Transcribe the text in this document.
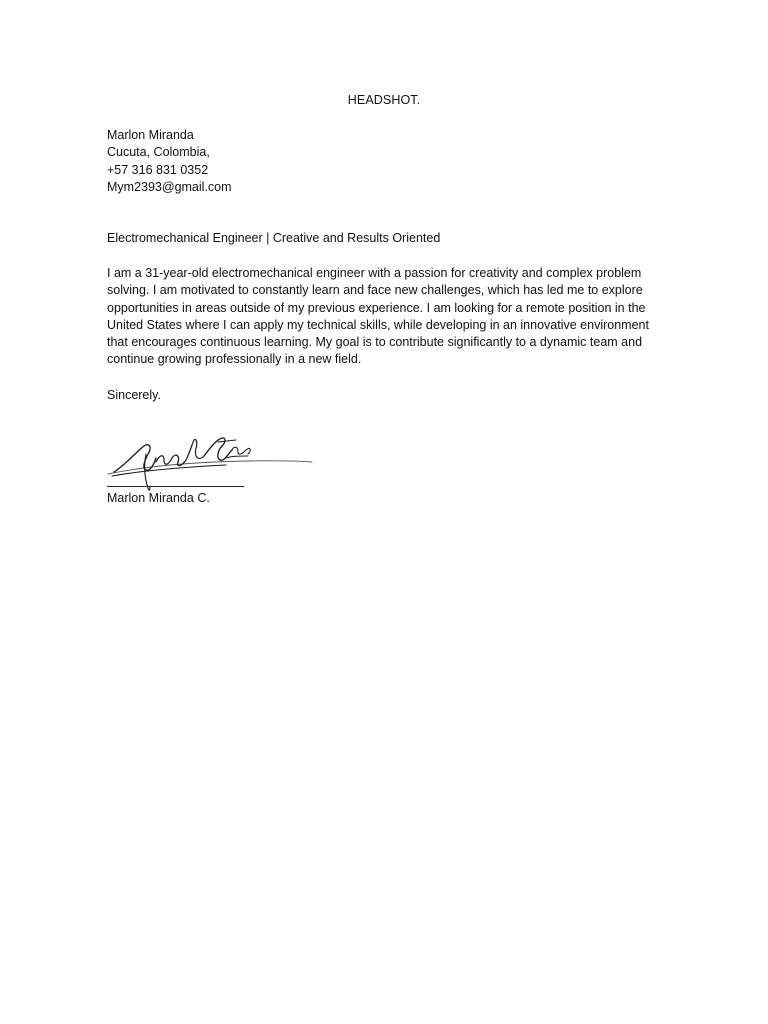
HEADSHOT.
Marlon Miranda
Cucuta, Colombia,
+57 316 831 0352
Mym2393@gmail.com
Electromechanical Engineer | Creative and Results Oriented
I am a 31-year-old electromechanical engineer with a passion for creativity and complex problem
solving. I am motivated to constantly learn and face new challenges, which has led me to explore
opportunities in areas outside of my previous experience. I am looking for a remote position in the
United States where I can apply my technical skills, while developing in an innovative environment
that encourages continuous learning. My goal is to contribute significantly to a dynamic team and
continue growing professionally in a new field.
Sincerely.
Marlon Miranda C.
